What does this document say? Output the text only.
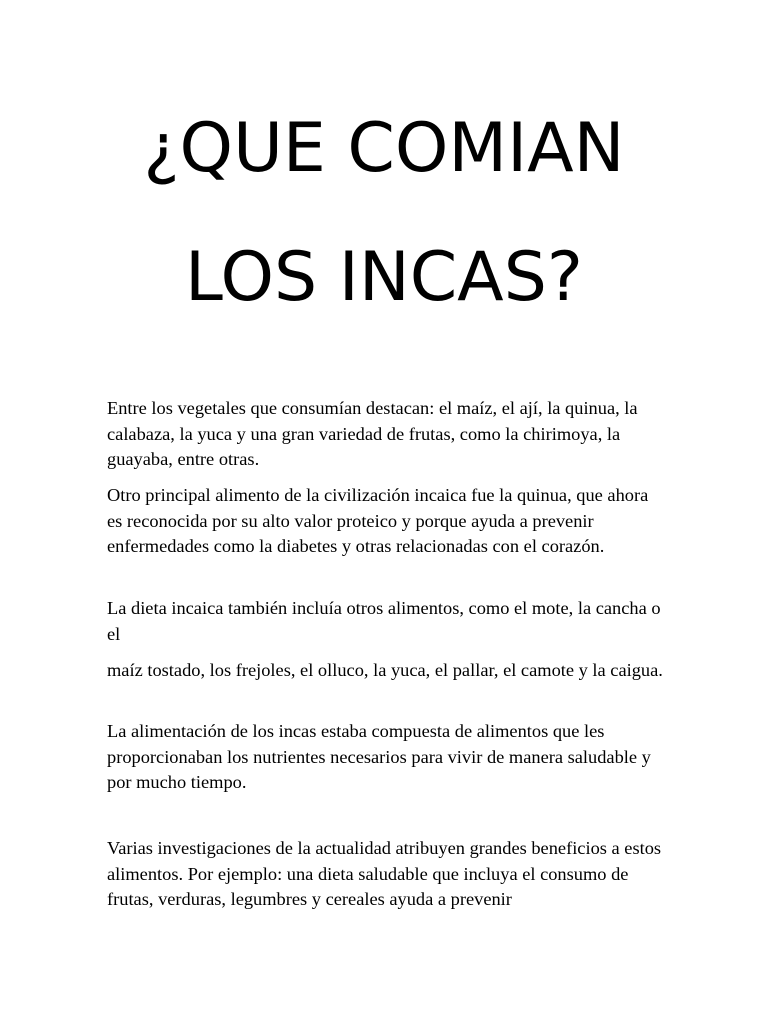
¿QUE COMIAN
LOS INCAS?

Entre los vegetales que consumían destacan: el maíz, el ají, la quinua, la calabaza, la yuca y una gran variedad de frutas, como la chirimoya, la guayaba, entre otras.

Otro principal alimento de la civilización incaica fue la quinua, que ahora es reconocida por su alto valor proteico y porque ayuda a prevenir enfermedades como la diabetes y otras relacionadas con el corazón.

La dieta incaica también incluía otros alimentos, como el mote, la cancha o el

maíz tostado, los frejoles, el olluco, la yuca, el pallar, el camote y la caigua.

La alimentación de los incas estaba compuesta de alimentos que les proporcionaban los nutrientes necesarios para vivir de manera saludable y por mucho tiempo.

Varias investigaciones de la actualidad atribuyen grandes beneficios a estos alimentos. Por ejemplo: una dieta saludable que incluya el consumo de frutas, verduras, legumbres y cereales ayuda a prevenir
